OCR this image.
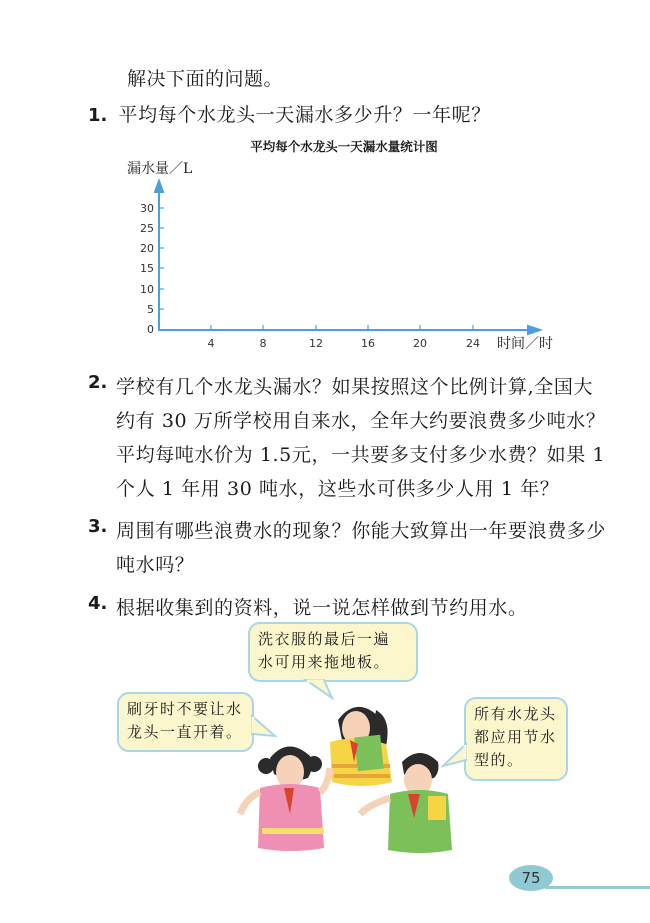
解决下面的问题。
1. 平均每个水龙头一天漏水多少升？一年呢？
平均每个水龙头一天漏水量统计图
漏水量／L
时间／时
30
25
20
15
10
5
0
4	8	12	16	20	24
2. 学校有几个水龙头漏水？如果按照这个比例计算,全国大
约有 30 万所学校用自来水，全年大约要浪费多少吨水？
平均每吨水价为 1.5元，一共要多支付多少水费？如果 1
个人 1 年用 30 吨水，这些水可供多少人用 1 年？
3. 周围有哪些浪费水的现象？你能大致算出一年要浪费多少
吨水吗？
4. 根据收集到的资料，说一说怎样做到节约用水。
洗衣服的最后一遍
水可用来拖地板。
刷牙时不要让水
龙头一直开着。
所有水龙头
都应用节水
型的。
75
